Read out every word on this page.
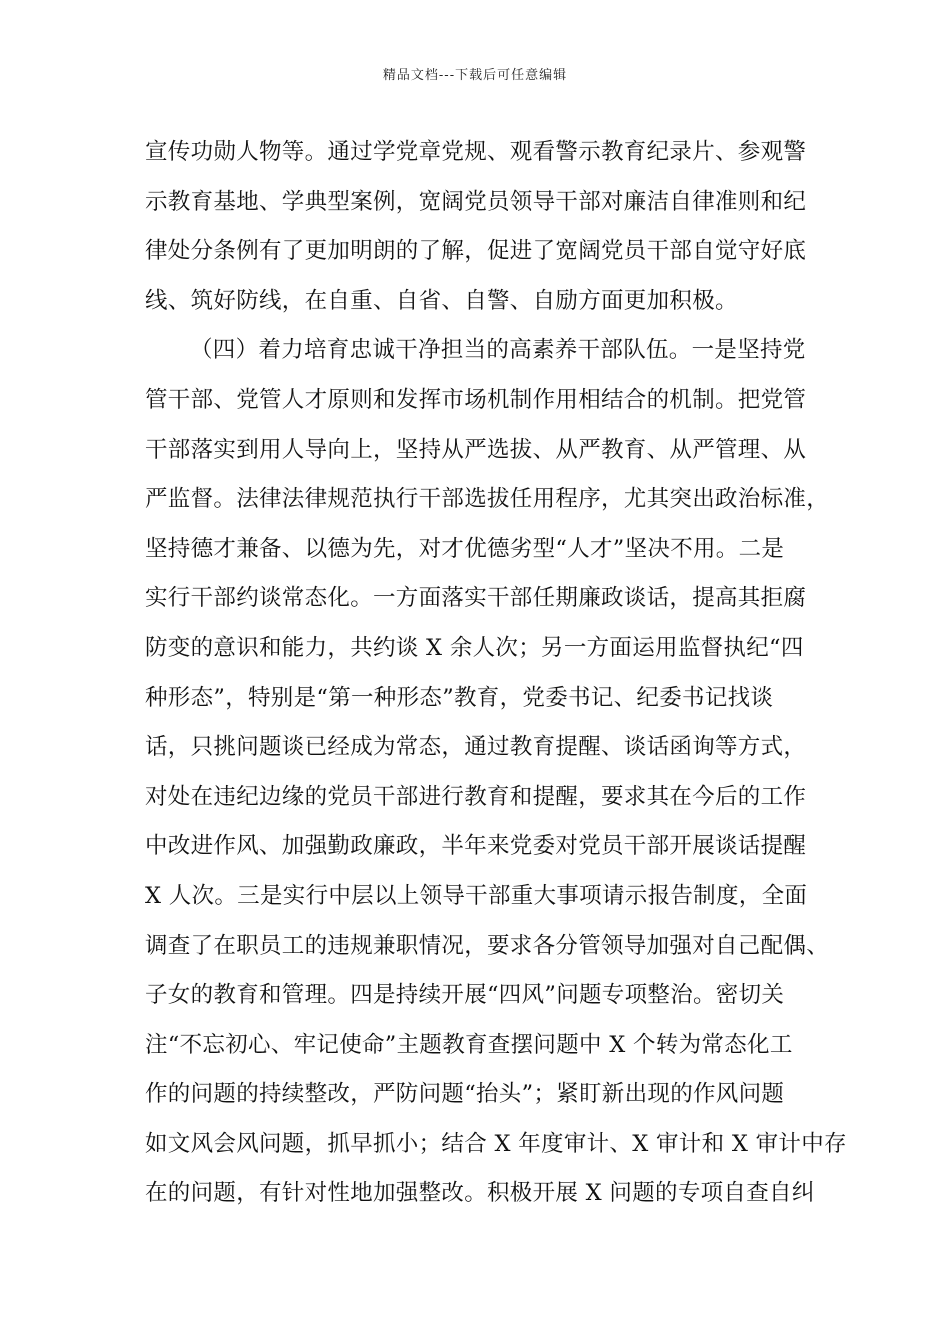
精品文档---下载后可任意编辑
宣传功勋人物等。通过学党章党规、观看警示教育纪录片、参观警
示教育基地、学典型案例，宽阔党员领导干部对廉洁自律准则和纪
律处分条例有了更加明朗的了解，促进了宽阔党员干部自觉守好底
线、筑好防线，在自重、自省、自警、自励方面更加积极。
（四）着力培育忠诚干净担当的高素养干部队伍。一是坚持党
管干部、党管人才原则和发挥市场机制作用相结合的机制。把党管
干部落实到用人导向上，坚持从严选拔、从严教育、从严管理、从
严监督。法律法律规范执行干部选拔任用程序，尤其突出政治标准，
坚持德才兼备、以德为先，对才优德劣型“人才”坚决不用。二是
实行干部约谈常态化。一方面落实干部任期廉政谈话，提高其拒腐
防变的意识和能力，共约谈 X 余人次；另一方面运用监督执纪“四
种形态”，特别是“第一种形态”教育，党委书记、纪委书记找谈
话，只挑问题谈已经成为常态，通过教育提醒、谈话函询等方式，
对处在违纪边缘的党员干部进行教育和提醒，要求其在今后的工作
中改进作风、加强勤政廉政，半年来党委对党员干部开展谈话提醒
X 人次。三是实行中层以上领导干部重大事项请示报告制度，全面
调查了在职员工的违规兼职情况，要求各分管领导加强对自己配偶、
子女的教育和管理。四是持续开展“四风”问题专项整治。密切关
注“不忘初心、牢记使命”主题教育查摆问题中 X 个转为常态化工
作的问题的持续整改，严防问题“抬头”；紧盯新出现的作风问题
如文风会风问题，抓早抓小；结合 X 年度审计、X 审计和 X 审计中存
在的问题，有针对性地加强整改。积极开展 X 问题的专项自查自纠
